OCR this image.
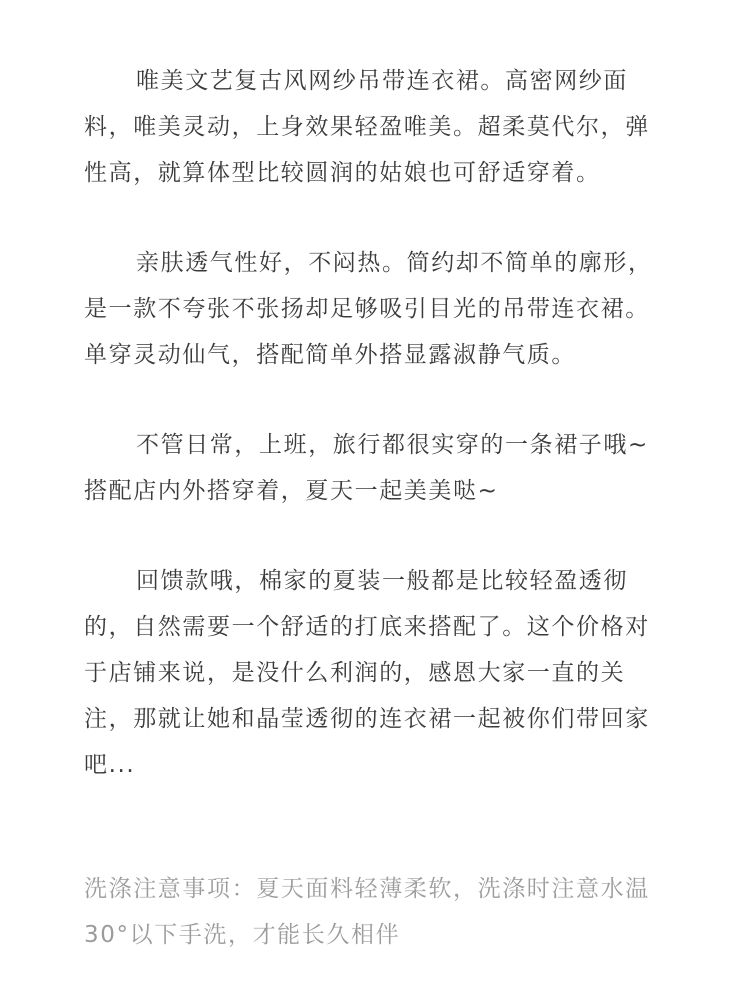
唯美文艺复古风网纱吊带连衣裙。高密网纱面料，唯美灵动，上身效果轻盈唯美。超柔莫代尔，弹性高，就算体型比较圆润的姑娘也可舒适穿着。

亲肤透气性好，不闷热。简约却不简单的廓形，是一款不夸张不张扬却足够吸引目光的吊带连衣裙。单穿灵动仙气，搭配简单外搭显露淑静气质。

不管日常，上班，旅行都很实穿的一条裙子哦~搭配店内外搭穿着，夏天一起美美哒~

回馈款哦，棉家的夏装一般都是比较轻盈透彻的，自然需要一个舒适的打底来搭配了。这个价格对于店铺来说，是没什么利润的，感恩大家一直的关注，那就让她和晶莹透彻的连衣裙一起被你们带回家吧...

洗涤注意事项：夏天面料轻薄柔软，洗涤时注意水温30°以下手洗，才能长久相伴
